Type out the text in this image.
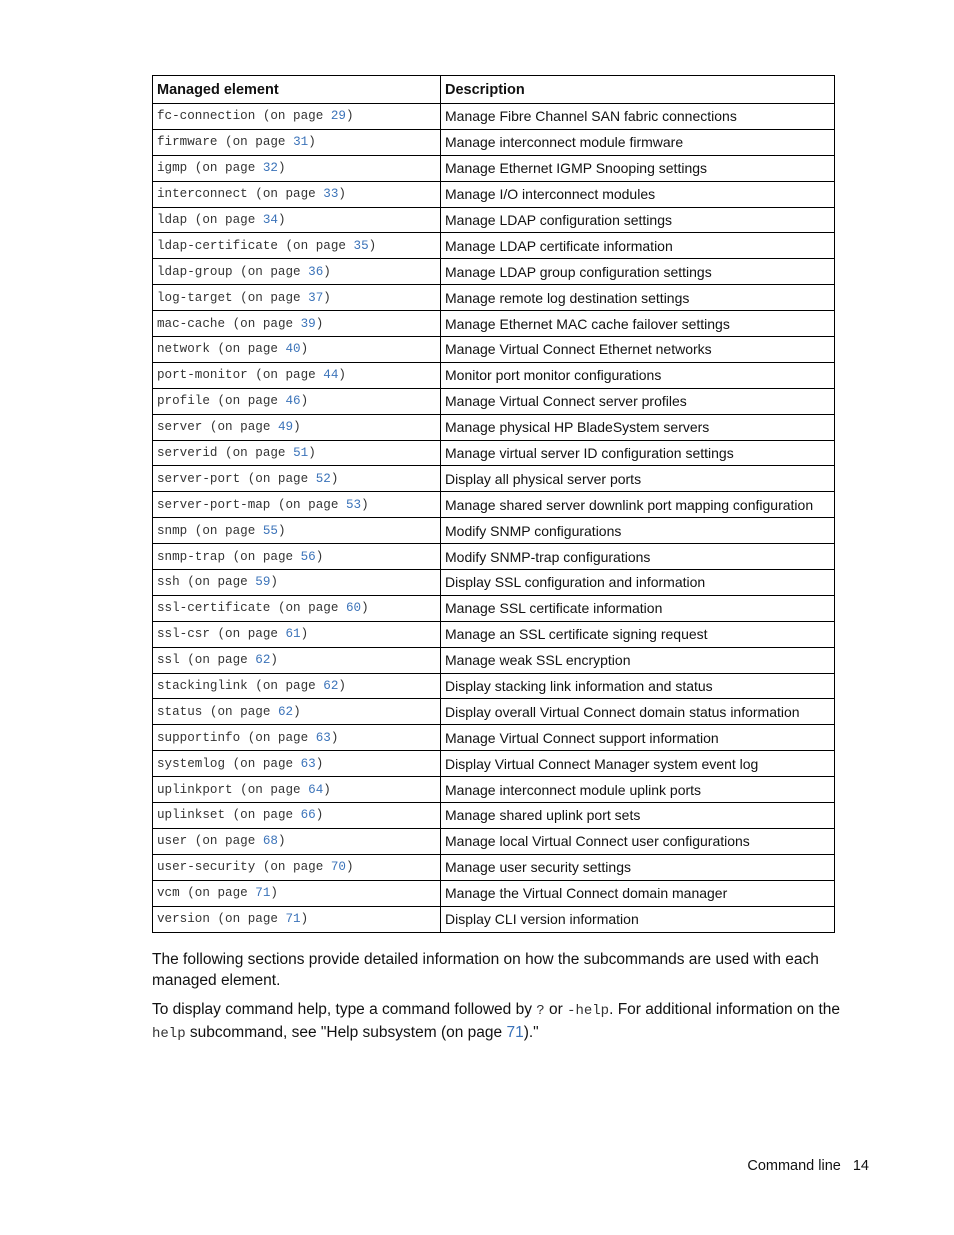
Managed element	Description
fc-connection (on page 29)	Manage Fibre Channel SAN fabric connections
firmware (on page 31)	Manage interconnect module firmware
igmp (on page 32)	Manage Ethernet IGMP Snooping settings
interconnect (on page 33)	Manage I/O interconnect modules
ldap (on page 34)	Manage LDAP configuration settings
ldap-certificate (on page 35)	Manage LDAP certificate information
ldap-group (on page 36)	Manage LDAP group configuration settings
log-target (on page 37)	Manage remote log destination settings
mac-cache (on page 39)	Manage Ethernet MAC cache failover settings
network (on page 40)	Manage Virtual Connect Ethernet networks
port-monitor (on page 44)	Monitor port monitor configurations
profile (on page 46)	Manage Virtual Connect server profiles
server (on page 49)	Manage physical HP BladeSystem servers
serverid (on page 51)	Manage virtual server ID configuration settings
server-port (on page 52)	Display all physical server ports
server-port-map (on page 53)	Manage shared server downlink port mapping configuration
snmp (on page 55)	Modify SNMP configurations
snmp-trap (on page 56)	Modify SNMP-trap configurations
ssh (on page 59)	Display SSL configuration and information
ssl-certificate (on page 60)	Manage SSL certificate information
ssl-csr (on page 61)	Manage an SSL certificate signing request
ssl (on page 62)	Manage weak SSL encryption
stackinglink (on page 62)	Display stacking link information and status
status (on page 62)	Display overall Virtual Connect domain status information
supportinfo (on page 63)	Manage Virtual Connect support information
systemlog (on page 63)	Display Virtual Connect Manager system event log
uplinkport (on page 64)	Manage interconnect module uplink ports
uplinkset (on page 66)	Manage shared uplink port sets
user (on page 68)	Manage local Virtual Connect user configurations
user-security (on page 70)	Manage user security settings
vcm (on page 71)	Manage the Virtual Connect domain manager
version (on page 71)	Display CLI version information

The following sections provide detailed information on how the subcommands are used with each managed element.

To display command help, type a command followed by ? or -help. For additional information on the help subcommand, see "Help subsystem (on page 71)."

Command line 14
